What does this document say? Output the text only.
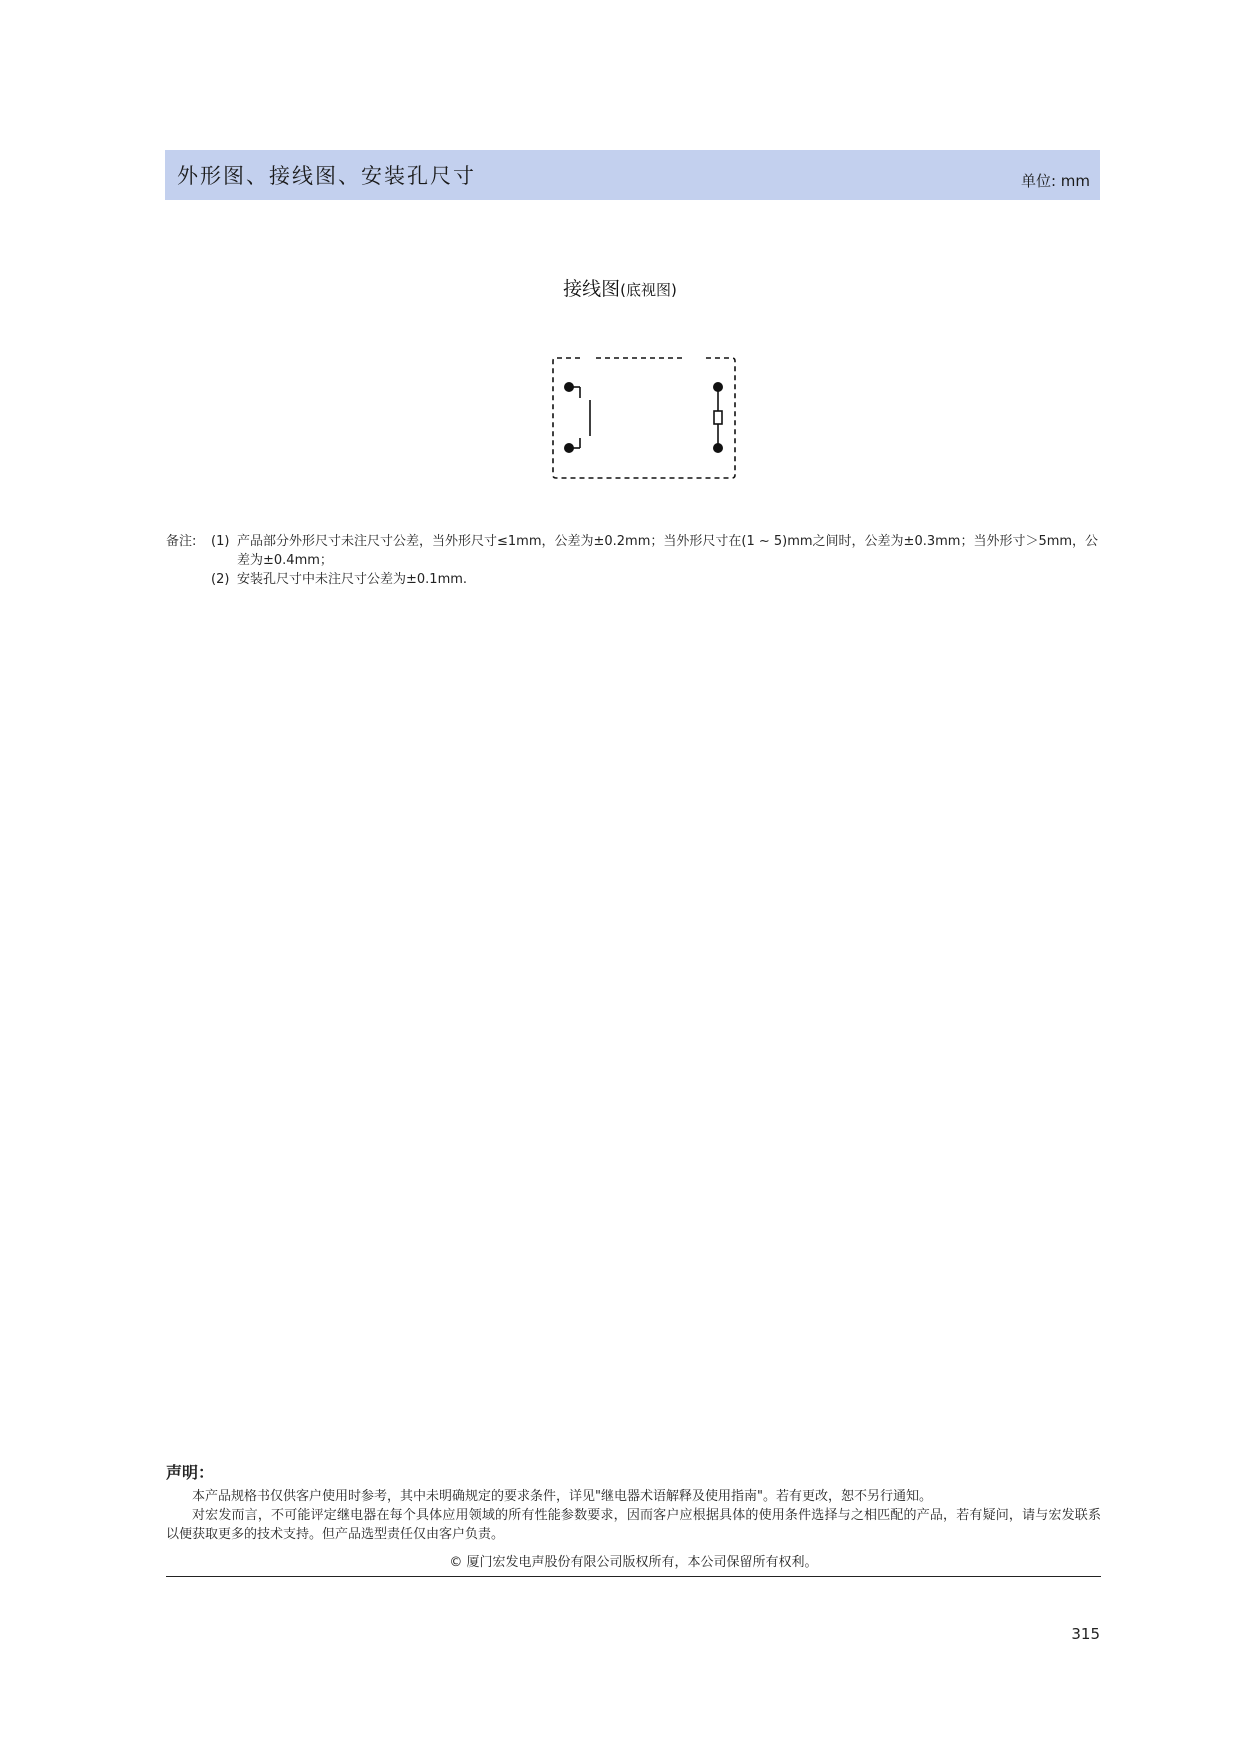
外形图、接线图、安装孔尺寸	单位: mm
接线图(底视图)
备注: (1) 产品部分外形尺寸未注尺寸公差，当外形尺寸≤1mm，公差为±0.2mm；当外形尺寸在(1 ~ 5)mm之间时，公差为±0.3mm；当外形寸＞5mm，公差为±0.4mm；
(2) 安装孔尺寸中未注尺寸公差为±0.1mm.
声明：

本产品规格书仅供客户使用时参考，其中未明确规定的要求条件，详见"继电器术语解释及使用指南"。若有更改，恕不另行通知。

对宏发而言，不可能评定继电器在每个具体应用领域的所有性能参数要求，因而客户应根据具体的使用条件选择与之相匹配的产品，若有疑问，请与宏发联系以便获取更多的技术支持。但产品选型责任仅由客户负责。

© 厦门宏发电声股份有限公司版权所有，本公司保留所有权利。
315
